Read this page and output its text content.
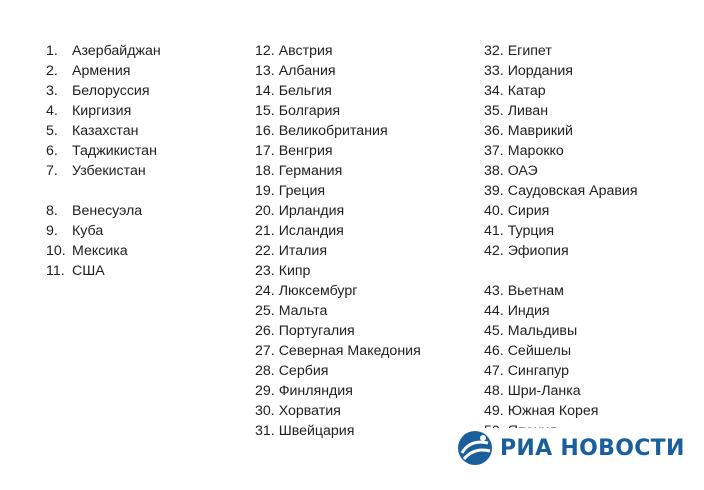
1. Азербайджан
2. Армения
3. Белоруссия
4. Киргизия
5. Казахстан
6. Таджикистан
7. Узбекистан
8. Венесуэла
9. Куба
10. Мексика
11. США
12. Австрия
13. Албания
14. Бельгия
15. Болгария
16. Великобритания
17. Венгрия
18. Германия
19. Греция
20. Ирландия
21. Исландия
22. Италия
23. Кипр
24. Люксембург
25. Мальта
26. Португалия
27. Северная Македония
28. Сербия
29. Финляндия
30. Хорватия
31. Швейцария
32. Египет
33. Иордания
34. Катар
35. Ливан
36. Маврикий
37. Марокко
38. ОАЭ
39. Саудовская Аравия
40. Сирия
41. Турция
42. Эфиопия
43. Вьетнам
44. Индия
45. Мальдивы
46. Сейшелы
47. Сингапур
48. Шри-Ланка
49. Южная Корея
РИА НОВОСТИ
